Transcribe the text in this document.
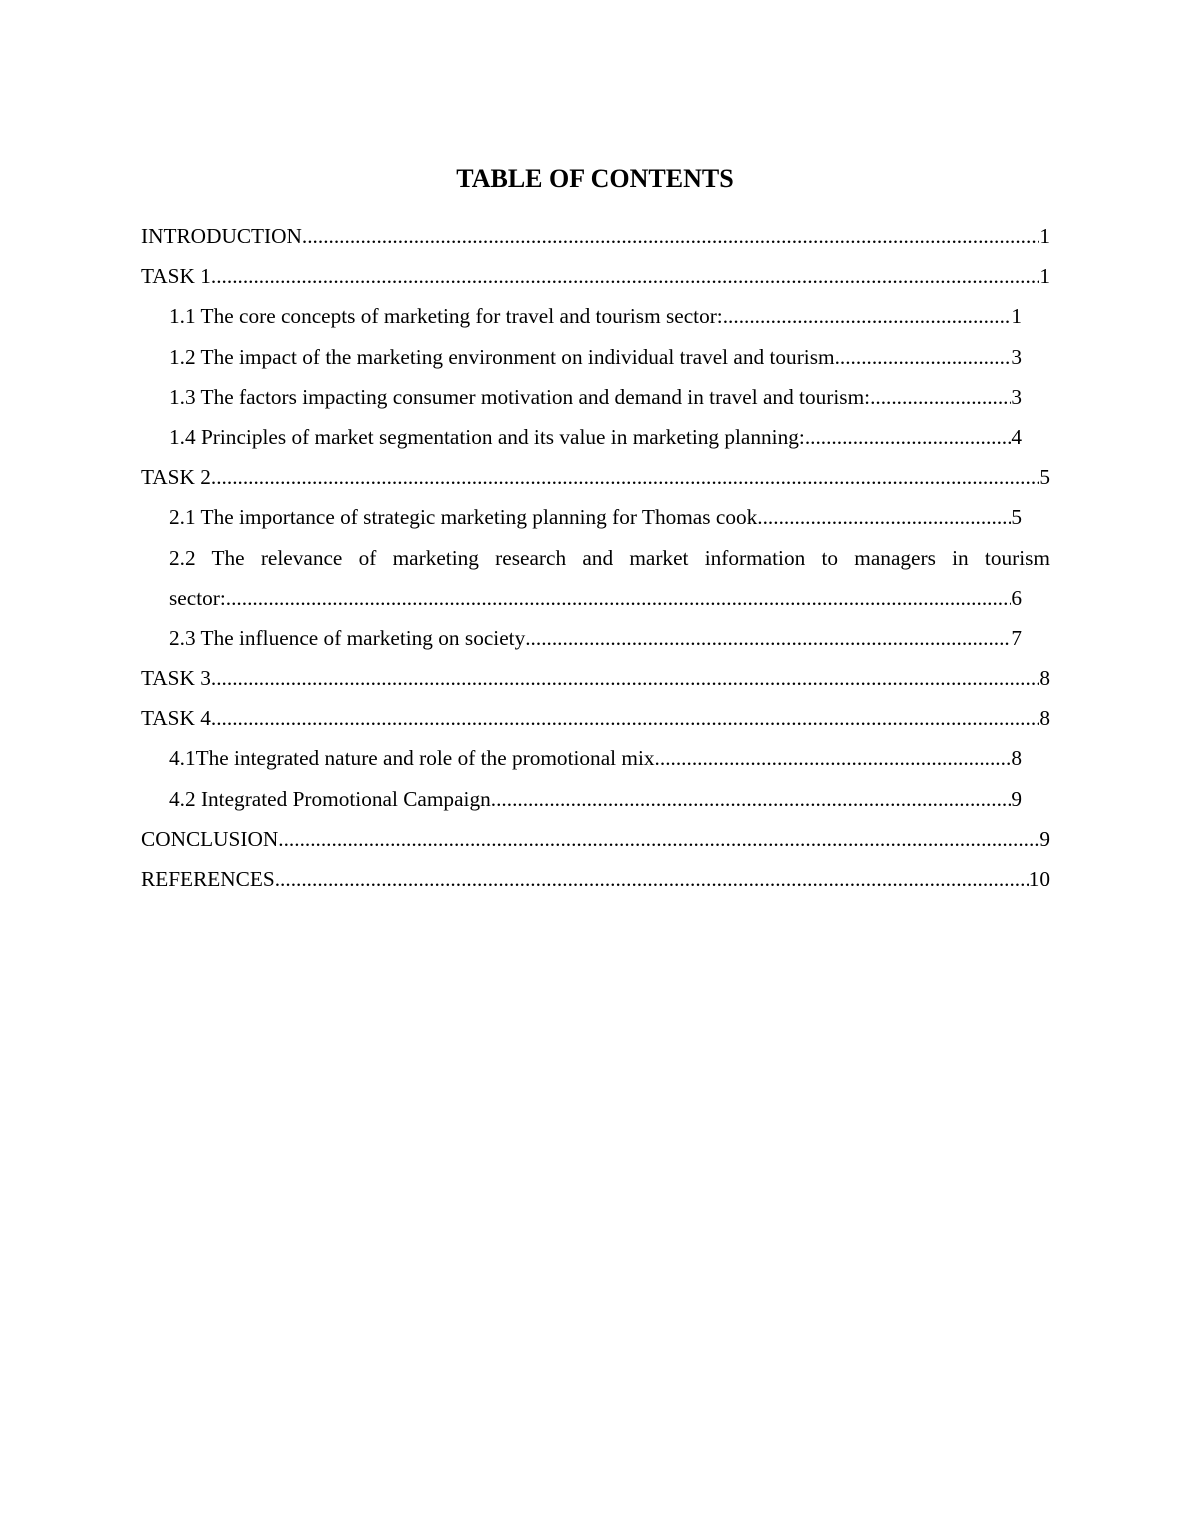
TABLE OF CONTENTS
INTRODUCTION .....	1
TASK 1 .....	1
1.1 The core concepts of marketing for travel and tourism sector: .....	1
1.2 The impact of the marketing environment on individual travel and tourism .....	3
1.3 The factors impacting consumer motivation and demand in travel and tourism: .....	3
1.4 Principles of market segmentation and its value in marketing planning: .....	4
TASK 2 .....	5
2.1 The importance of strategic marketing planning for Thomas cook .....	5
2.2 The relevance of marketing research and market information to managers in tourism
sector: .....	6
2.3 The influence of marketing on society .....	7
TASK 3 .....	8
TASK 4 .....	8
4.1The integrated nature and role of the promotional mix .....	8
4.2 Integrated Promotional Campaign .....	9
CONCLUSION .....	9
REFERENCES .....	10
